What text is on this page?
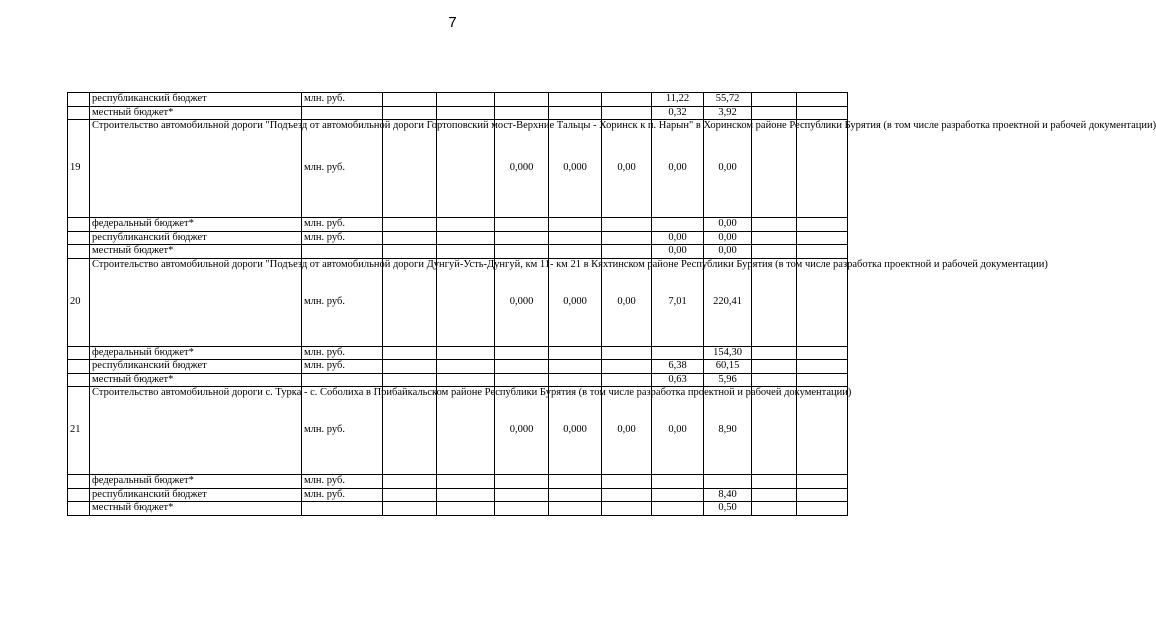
7
	республиканский бюджет	млн. руб.						11,22	55,72		
	местный бюджет*							0,32	3,92		
19	Строительство автомобильной дороги "Подъезд от автомобильной дороги Гортоповский мост-Верхние Тальцы - Хоринск к п. Нарын" в Хоринском районе Республики Бурятия (в том числе разработка проектной и рабочей документации)	млн. руб.			0,000	0,000	0,00	0,00	0,00		
	федеральный бюджет*	млн. руб.							0,00		
	республиканский бюджет	млн. руб.						0,00	0,00		
	местный бюджет*							0,00	0,00		
20	Строительство автомобильной дороги "Подъезд от автомобильной дороги Дунгуй-Усть-Дунгуй, км 11- км 21 в Кяхтинском районе Республики Бурятия (в том числе разработка проектной и рабочей документации)	млн. руб.			0,000	0,000	0,00	7,01	220,41		
	федеральный бюджет*	млн. руб.							154,30		
	республиканский бюджет	млн. руб.						6,38	60,15		
	местный бюджет*							0,63	5,96		
21	Строительство автомобильной дороги с. Турка - с. Соболиха в Прибайкальском районе Республики Бурятия (в том числе разработка проектной и рабочей документации)	млн. руб.			0,000	0,000	0,00	0,00	8,90		
	федеральный бюджет*	млн. руб.									
	республиканский бюджет	млн. руб.							8,40		
	местный бюджет*								0,50		
